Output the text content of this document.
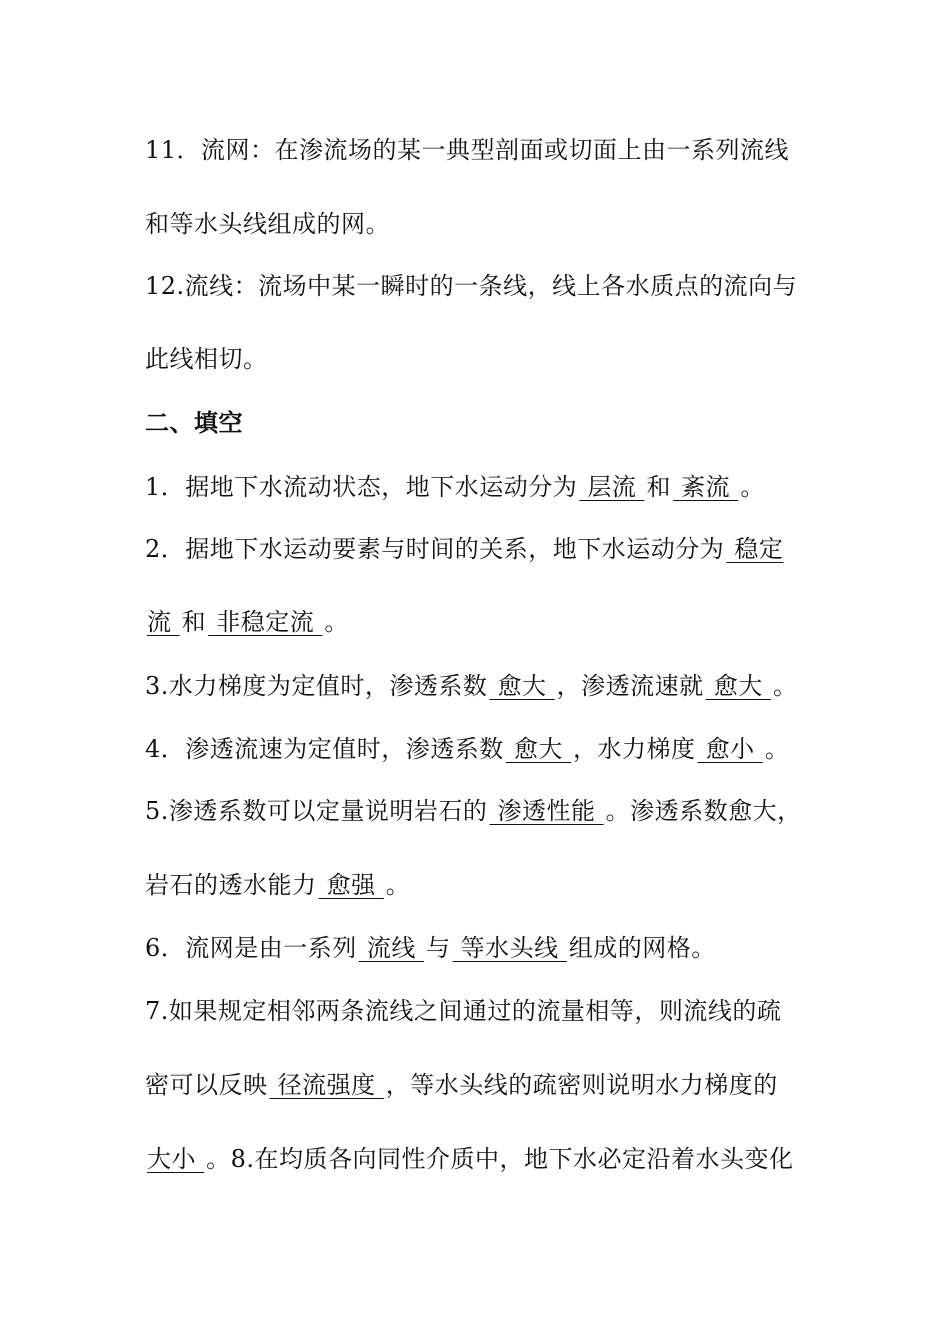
11．流网：在渗流场的某一典型剖面或切面上由一系列流线
和等水头线组成的网。
12.流线：流场中某一瞬时的一条线，线上各水质点的流向与
此线相切。
二、填空
1．据地下水流动状态，地下水运动分为 层流 和 紊流 。
2．据地下水运动要素与时间的关系，地下水运动分为 稳定
流 和 非稳定流 。
3.水力梯度为定值时，渗透系数 愈大 ，渗透流速就 愈大 。
4．渗透流速为定值时，渗透系数 愈大 ，水力梯度 愈小 。
5.渗透系数可以定量说明岩石的 渗透性能 。渗透系数愈大，
岩石的透水能力 愈强 。
6．流网是由一系列 流线 与 等水头线 组成的网格。
7.如果规定相邻两条流线之间通过的流量相等，则流线的疏
密可以反映 径流强度 ，等水头线的疏密则说明水力梯度的
大小 。8.在均质各向同性介质中，地下水必定沿着水头变化
